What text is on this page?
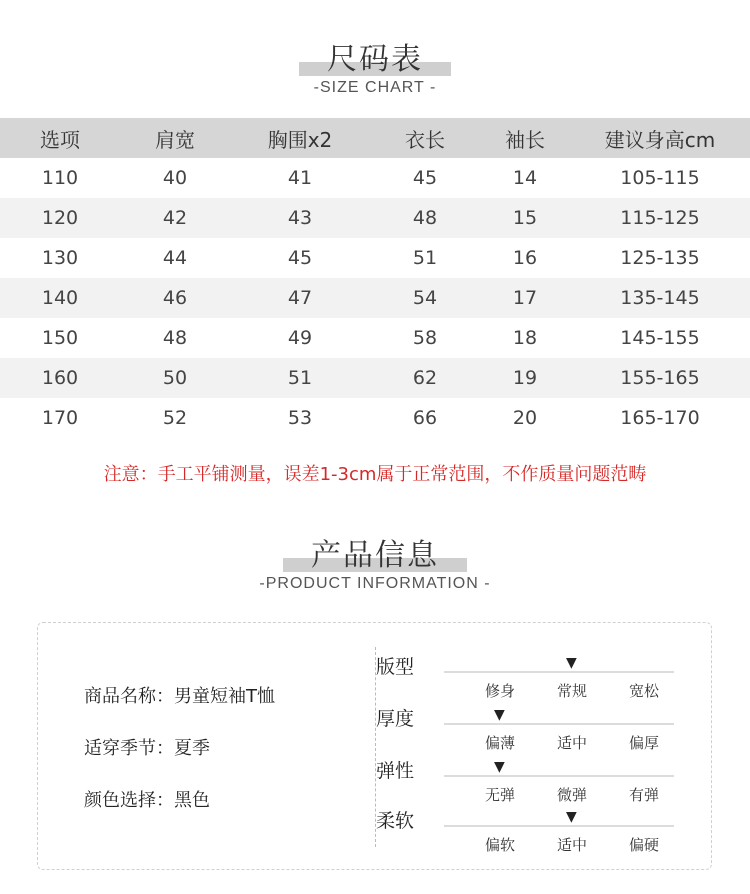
尺码表
-SIZE CHART -
选项	肩宽	胸围x2	衣长	袖长	建议身高cm
110	40	41	45	14	105-115
120	42	43	48	15	115-125
130	44	45	51	16	125-135
140	46	47	54	17	135-145
150	48	49	58	18	145-155
160	50	51	62	19	155-165
170	52	53	66	20	165-170
注意：手工平铺测量，误差1-3cm属于正常范围，不作质量问题范畴
产品信息
-PRODUCT INFORMATION -
商品名称：男童短袖T恤
适穿季节：夏季
颜色选择：黑色
版型	▼
修身	常规	宽松
厚度	▼
偏薄	适中	偏厚
弹性	▼
无弹	微弹	有弹
柔软	▼
偏软	适中	偏硬
